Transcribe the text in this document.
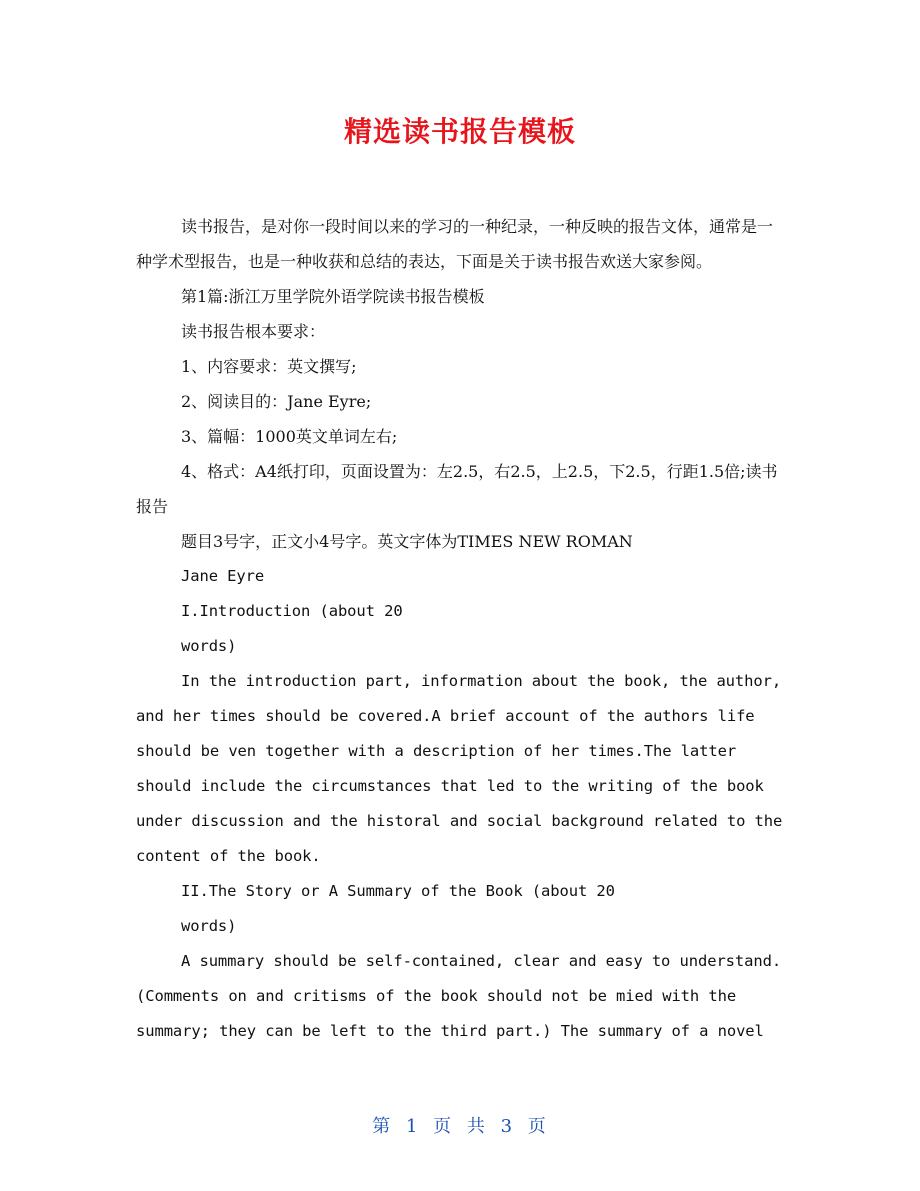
精选读书报告模板

读书报告，是对你一段时间以来的学习的一种纪录，一种反映的报告文体，通常是一种学术型报告，也是一种收获和总结的表达，下面是关于读书报告欢送大家参阅。

第1篇:浙江万里学院外语学院读书报告模板

读书报告根本要求：

1、内容要求：英文撰写;

2、阅读目的：Jane Eyre;

3、篇幅：1000英文单词左右;

4、格式：A4纸打印，页面设置为：左2.5，右2.5，上2.5，下2.5，行距1.5倍;读书报告

题目3号字，正文小4号字。英文字体为TIMES NEW ROMAN

Jane Eyre

I.Introduction (about 20

words)

In the introduction part, information about the book, the author, and her times should be covered.A brief account of the authors life should be ven together with a description of her times.The latter should include the circumstances that led to the writing of the book under discussion and the historal and social background related to the content of the book.

II.The Story or A Summary of the Book (about 20

words)

A summary should be self-contained, clear and easy to understand.(Comments on and critisms of the book should not be mied with the summary; they can be left to the third part.) The summary of a novel

第 1 页 共 3 页
